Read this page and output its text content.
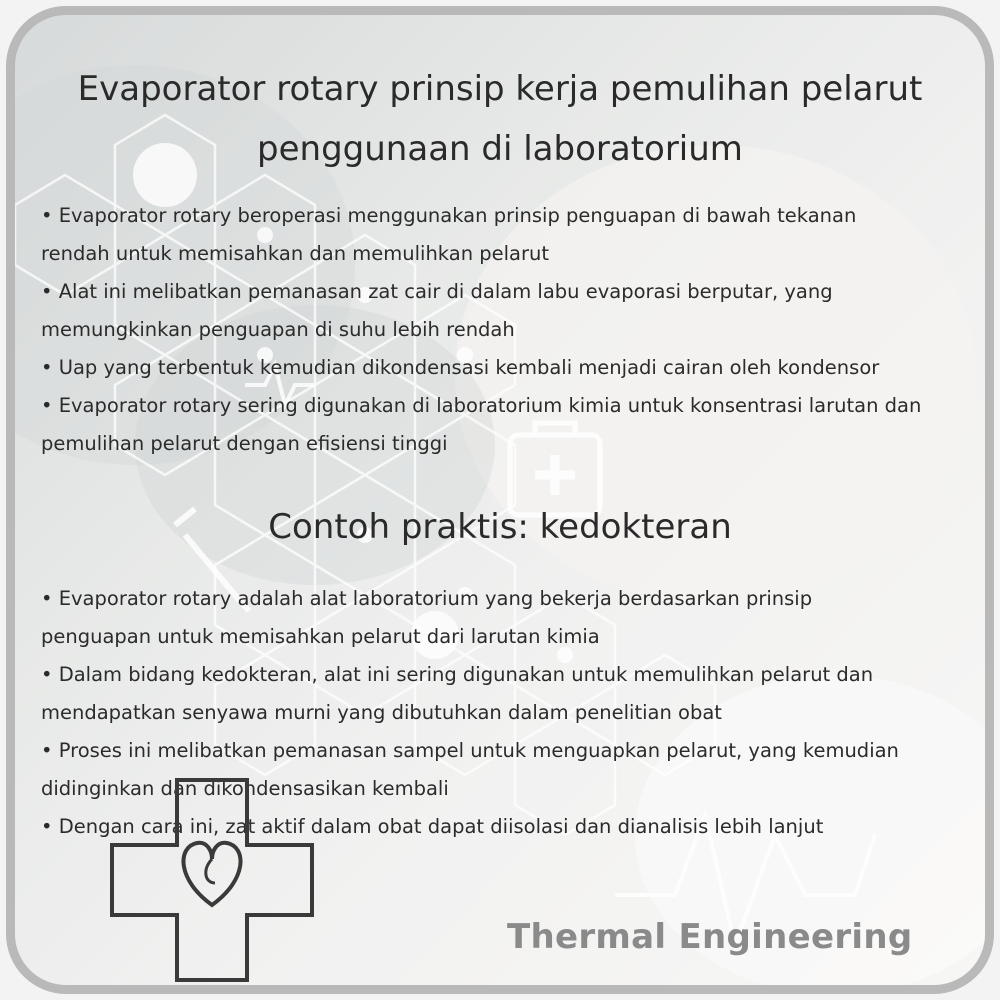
Evaporator rotary prinsip kerja pemulihan pelarut
penggunaan di laboratorium
• Evaporator rotary beroperasi menggunakan prinsip penguapan di bawah tekanan
rendah untuk memisahkan dan memulihkan pelarut
• Alat ini melibatkan pemanasan zat cair di dalam labu evaporasi berputar, yang
memungkinkan penguapan di suhu lebih rendah
• Uap yang terbentuk kemudian dikondensasi kembali menjadi cairan oleh kondensor
• Evaporator rotary sering digunakan di laboratorium kimia untuk konsentrasi larutan dan
pemulihan pelarut dengan efisiensi tinggi
Contoh praktis: kedokteran
• Evaporator rotary adalah alat laboratorium yang bekerja berdasarkan prinsip
penguapan untuk memisahkan pelarut dari larutan kimia
• Dalam bidang kedokteran, alat ini sering digunakan untuk memulihkan pelarut dan
mendapatkan senyawa murni yang dibutuhkan dalam penelitian obat
• Proses ini melibatkan pemanasan sampel untuk menguapkan pelarut, yang kemudian
didinginkan dan dikondensasikan kembali
• Dengan cara ini, zat aktif dalam obat dapat diisolasi dan dianalisis lebih lanjut
Thermal Engineering
